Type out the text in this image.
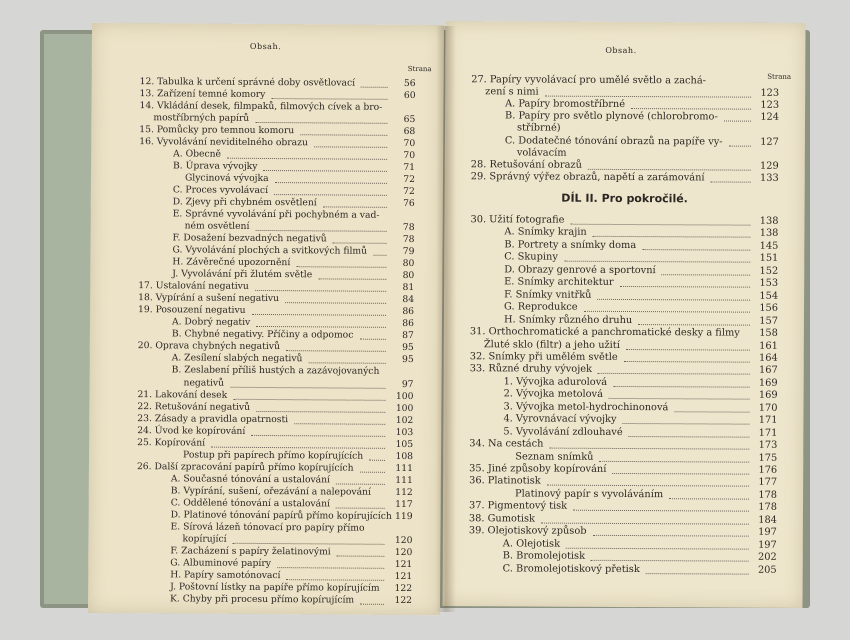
Obsah.
Strana
12. Tabulka k určení správné doby osvětlovací	56
13. Zařízení temné komory	60
14. Vkládání desek, filmpaků, filmových cívek a bro-
mostříbrných papírů	65
15. Pomůcky pro temnou komoru	68
16. Vyvolávání neviditelného obrazu	70
A. Obecně	70
B. Úprava vývojky	71
Glycinová vývojka	72
C. Proces vyvolávací	72
D. Zjevy při chybném osvětlení	76
E. Správné vyvolávání při pochybném a vad-
ném osvětlení	78
F. Dosažení bezvadných negativů	78
G. Vyvolávání plochých a svitkových filmů	79
H. Závěrečné upozornění	80
J. Vyvolávání při žlutém světle	80
17. Ustalování negativu	81
18. Vypírání a sušení negativu	84
19. Posouzení negativu	86
A. Dobrý negativ	86
B. Chybné negativy. Příčiny a odpomoc	87
20. Oprava chybných negativů	95
A. Zesílení slabých negativů	95
B. Zeslabení příliš hustých a zazávojovaných
negativů	97
21. Lakování desek	100
22. Retušování negativů	100
23. Zásady a pravidla opatrnosti	102
24. Úvod ke kopírování	103
25. Kopírování	105
Postup při papírech přímo kopírujících	108
26. Další zpracování papírů přímo kopírujících	111
A. Současné tónování a ustalování	111
B. Vypírání, sušení, ořezávání a nalepování	112
C. Oddělené tónování a ustalování	117
D. Platinové tónování papírů přímo kopírujících 119
E. Sírová lázeň tónovací pro papíry přímo
kopírující	120
F. Zacházení s papíry želatinovými	120
G. Albuminové papíry	121
H. Papíry samotónovací	121
J. Poštovní lístky na papíře přímo kopírujícím	122
K. Chyby při procesu přímo kopírujícím	122
Obsah.
Strana
27. Papíry vyvolávací pro umělé světlo a zachá-
zení s nimi	123
A. Papíry bromostříbrné	123
B. Papíry pro světlo plynové (chlorobromo-	124
stříbrné)
C. Dodatečné tónování obrazů na papíře vy-	127
volávacím
28. Retušování obrazů	129
29. Správný výřez obrazů, napětí a zarámování	133
DÍL II. Pro pokročilé.
30. Užití fotografie	138
A. Snímky krajin	138
B. Portrety a snímky doma	145
C. Skupiny	151
D. Obrazy genrové a sportovní	152
E. Snímky architektur	153
F. Snímky vnitřků	154
G. Reprodukce	156
H. Snímky různého druhu	157
31. Orthochromatické a panchromatické desky a filmy	158
Žluté sklo (filtr) a jeho užití	161
32. Snímky při umělém světle	164
33. Různé druhy vývojek	167
1. Vývojka adurolová	169
2. Vývojka metolová	169
3. Vývojka metol-hydrochinonová	170
4. Vyrovnávací vývojky	171
5. Vyvolávání zdlouhavé	171
34. Na cestách	173
Seznam snímků	175
35. Jiné způsoby kopírování	176
36. Platinotisk	177
Platinový papír s vyvoláváním	178
37. Pigmentový tisk	178
38. Gumotisk	184
39. Olejotiskový způsob	197
A. Olejotisk	197
B. Bromolejotisk	202
C. Bromolejotiskový přetisk	205
